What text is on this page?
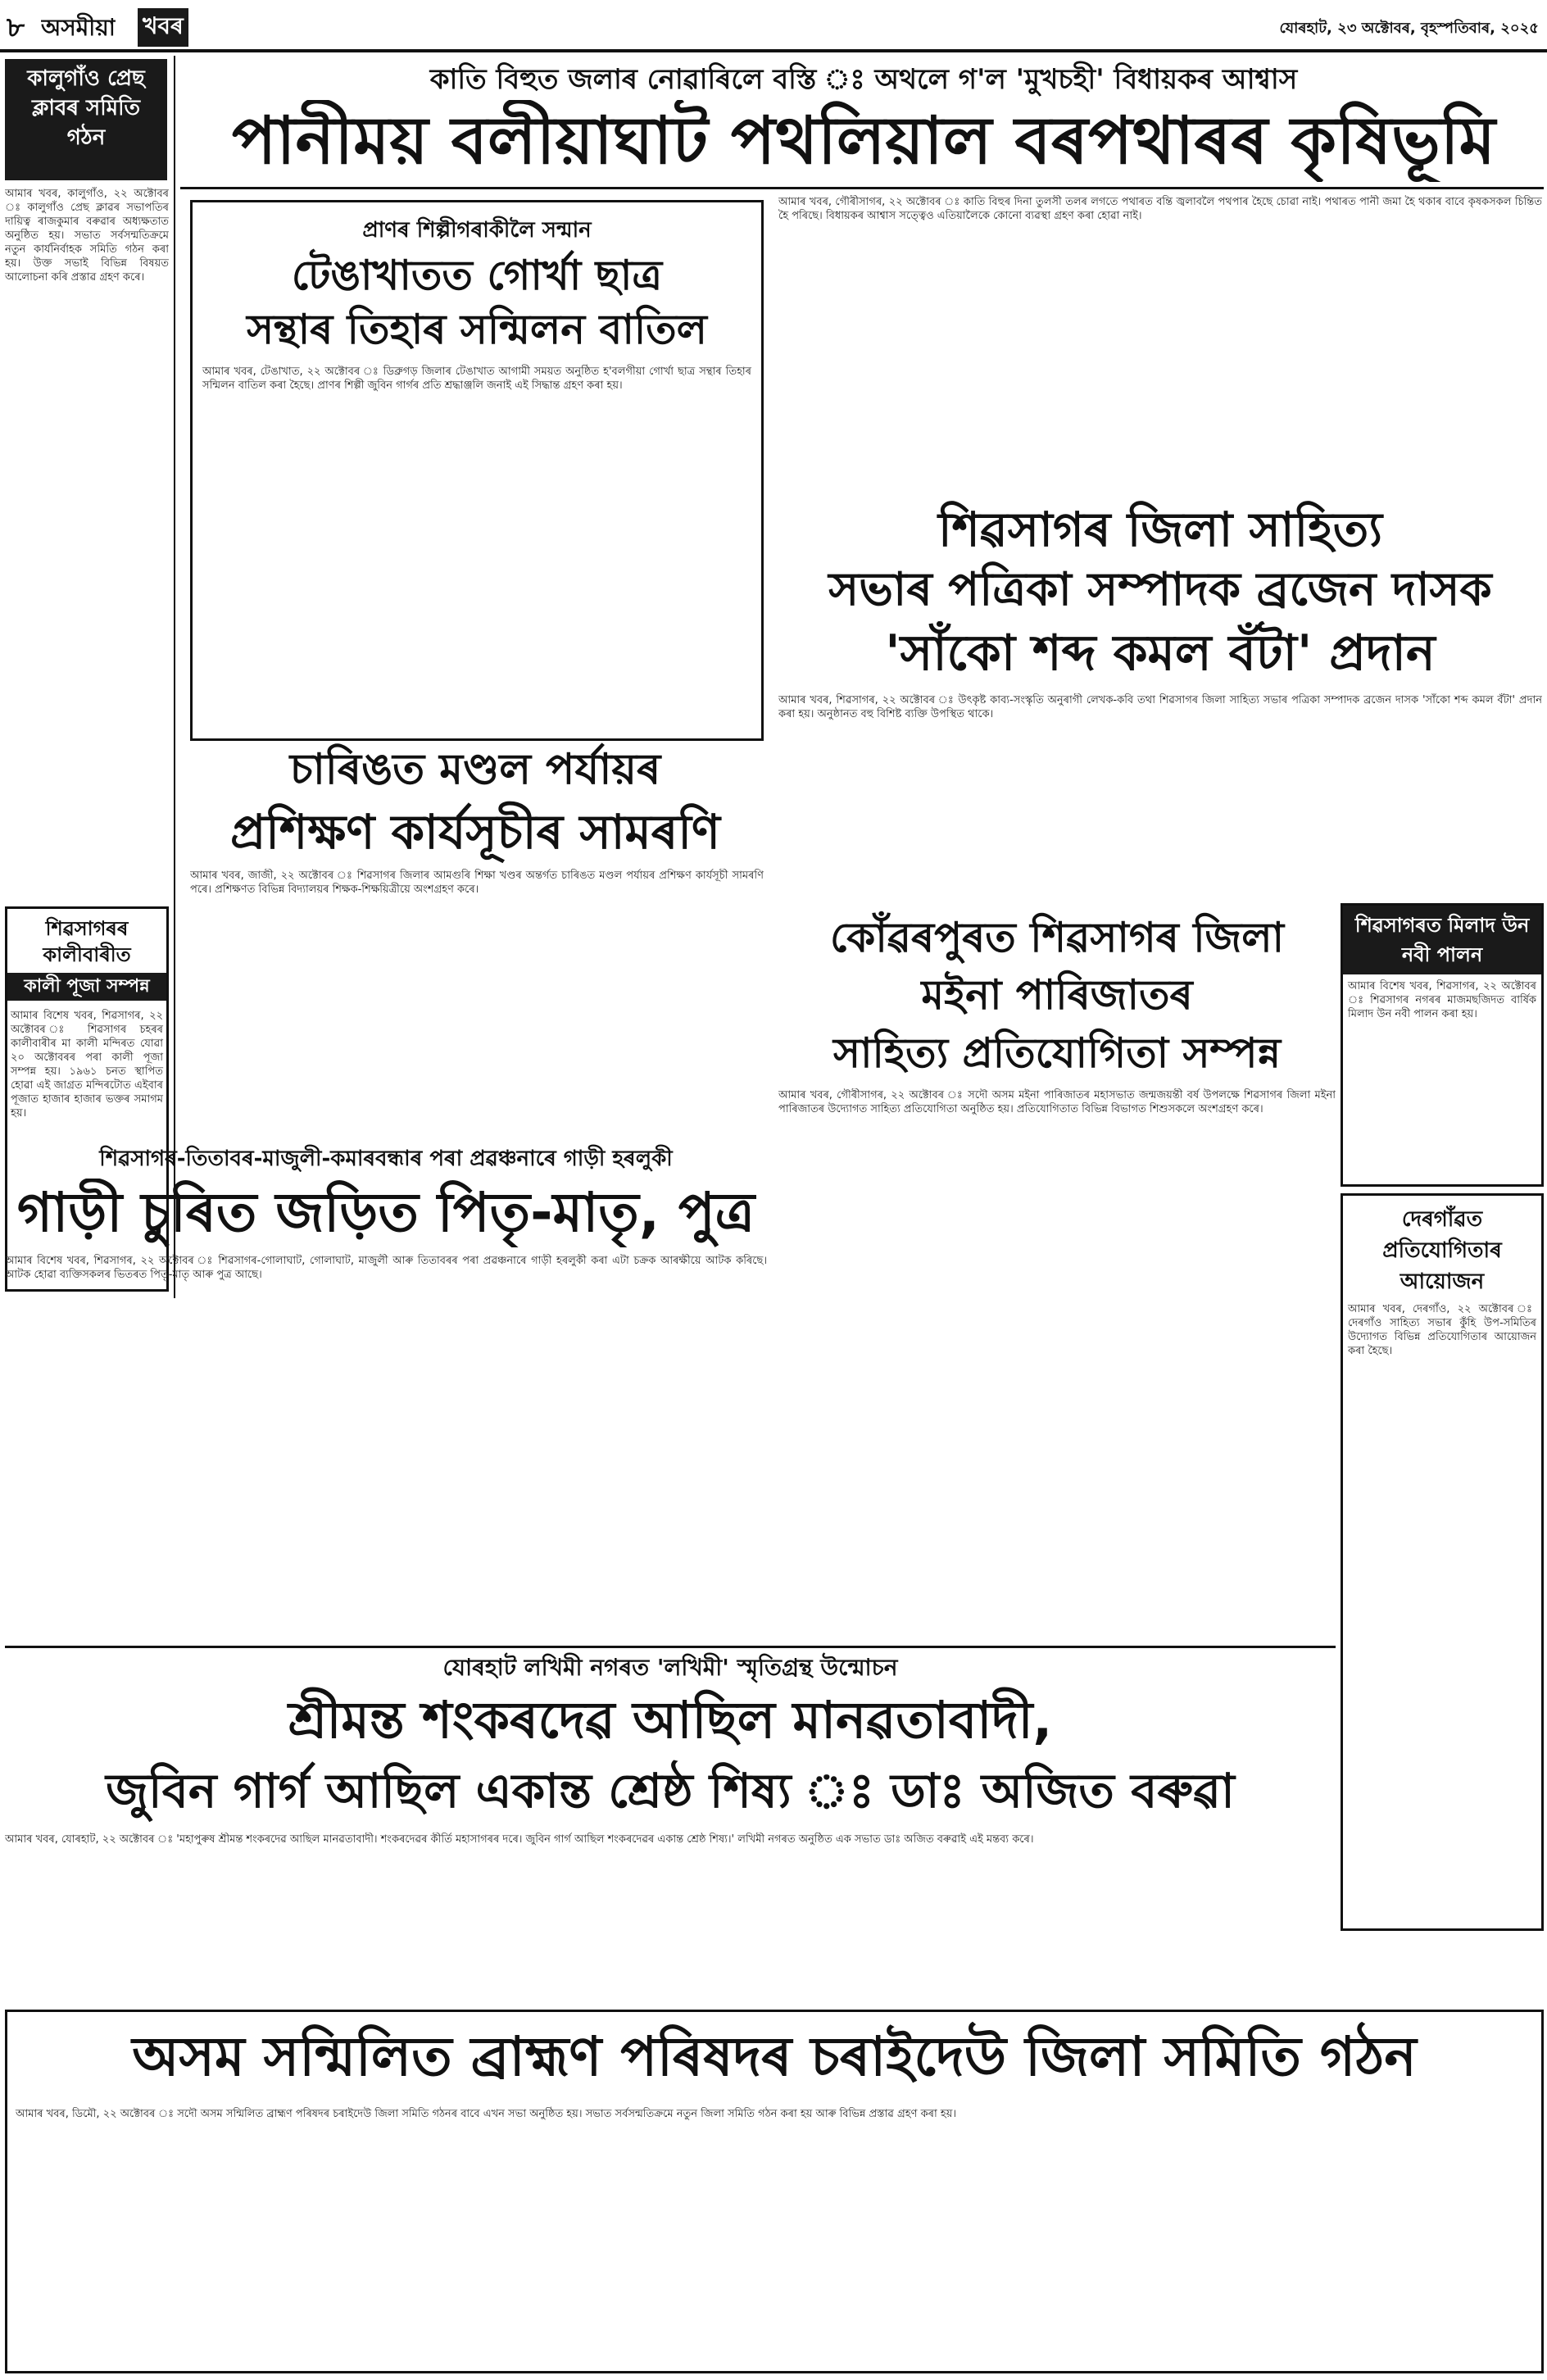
৮ অসমীয়া খবৰ	যোৰহাট, ২৩ অক্টোবৰ, বৃহস্পতিবাৰ, ২০২৫
কালুগাঁও প্ৰেছ ক্লাবৰ সমিতি গঠন
আমাৰ খবৰ, কালুগাঁও, ২২ অক্টোবৰ ঃ কালুগাঁও প্ৰেছ ক্লাৱৰ সভাপতিৰ দায়িত্ব ৰাজকুমাৰ বৰুৱাৰ অধ্যক্ষতাত অনুষ্ঠিত হয়। সভাত সৰ্বসন্মতিক্ৰমে নতুন কাৰ্যনিৰ্বাহক সমিতি গঠন কৰা হয়। উক্ত সভাই বিভিন্ন বিষয়ত আলোচনা কৰি প্ৰস্তাৱ গ্ৰহণ কৰে।
শিৱসাগৰৰ কালীবাৰীত
কালী পূজা সম্পন্ন
আমাৰ বিশেষ খবৰ, শিৱসাগৰ, ২২ অক্টোবৰ ঃ শিৱসাগৰ চহৰৰ কালীবাৰীৰ মা কালী মন্দিৰত যোৱা ২০ অক্টোবৰৰ পৰা কালী পূজা সম্পন্ন হয়। ১৯৬১ চনত স্থাপিত হোৱা এই জাগ্ৰত মন্দিৰটোত এইবাৰ পূজাত হাজাৰ হাজাৰ ভক্তৰ সমাগম হয়।
কাতি বিহুত জলাৰ নোৱাৰিলে বস্তি ঃ অথলে গ'ল 'মুখচহী' বিধায়কৰ আশ্বাস
পানীময় বলীয়াঘাট পথলিয়াল বৰপথাৰৰ কৃষিভূমি
আমাৰ খবৰ, গৌৰীসাগৰ, ২২ অক্টোবৰ ঃ কাতি বিহুৰ দিনা তুলসী তলৰ লগতে পথাৰত বন্তি জ্বলাবলৈ পথপাৰ হৈছে চোৱা নাই। পথাৰত পানী জমা হৈ থকাৰ বাবে কৃষকসকল চিন্তিত হৈ পৰিছে। বিধায়কৰ আশ্বাস সত্ত্বেও এতিয়ালৈকে কোনো ব্যৱস্থা গ্ৰহণ কৰা হোৱা নাই।
প্ৰাণৰ শিল্পীগৰাকীলৈ সন্মান
টেঙাখাতত গোৰ্খা ছাত্ৰ
সন্থাৰ তিহাৰ সন্মিলন বাতিল
আমাৰ খবৰ, টেঙাখাত, ২২ অক্টোবৰ ঃ ডিব্ৰুগড় জিলাৰ টেঙাখাত আগামী সময়ত অনুষ্ঠিত হ'বলগীয়া গোৰ্খা ছাত্ৰ সন্থাৰ তিহাৰ সন্মিলন বাতিল কৰা হৈছে। প্ৰাণৰ শিল্পী জুবিন গাৰ্গৰ প্ৰতি শ্ৰদ্ধাঞ্জলি জনাই এই সিদ্ধান্ত গ্ৰহণ কৰা হয়।
শিৱসাগৰ জিলা সাহিত্য
সভাৰ পত্ৰিকা সম্পাদক ব্ৰজেন দাসক
'সাঁকো শব্দ কমল বঁটা' প্ৰদান
আমাৰ খবৰ, শিৱসাগৰ, ২২ অক্টোবৰ ঃ উৎকৃষ্ট কাব্য-সংস্কৃতি অনুৰাগী লেখক-কবি তথা শিৱসাগৰ জিলা সাহিত্য সভাৰ পত্ৰিকা সম্পাদক ব্ৰজেন দাসক 'সাঁকো শব্দ কমল বঁটা' প্ৰদান কৰা হয়। অনুষ্ঠানত বহু বিশিষ্ট ব্যক্তি উপস্থিত থাকে।
চাৰিঙত মণ্ডল পৰ্যায়ৰ
প্ৰশিক্ষণ কাৰ্যসূচীৰ সামৰণি
আমাৰ খবৰ, জাজী, ২২ অক্টোবৰ ঃ শিৱসাগৰ জিলাৰ আমগুৰি শিক্ষা খণ্ডৰ অন্তৰ্গত চাৰিঙত মণ্ডল পৰ্যায়ৰ প্ৰশিক্ষণ কাৰ্যসূচী সামৰণি পৰে। প্ৰশিক্ষণত বিভিন্ন বিদ্যালয়ৰ শিক্ষক-শিক্ষয়িত্ৰীয়ে অংশগ্ৰহণ কৰে।
শিৱসাগৰত মিলাদ উন নবী পালন
আমাৰ বিশেষ খবৰ, শিৱসাগৰ, ২২ অক্টোবৰ ঃ শিৱসাগৰ নগৰৰ মাজমছজিদত বাৰ্ষিক মিলাদ উন নবী পালন কৰা হয়।
কোঁৱৰপুৰত শিৱসাগৰ জিলা
মইনা পাৰিজাতৰ
সাহিত্য প্ৰতিযোগিতা সম্পন্ন
আমাৰ খবৰ, গৌৰীসাগৰ, ২২ অক্টোবৰ ঃ সদৌ অসম মইনা পাৰিজাতৰ মহাসভাত জন্মজয়ন্তী বৰ্ষ উপলক্ষে শিৱসাগৰ জিলা মইনা পাৰিজাতৰ উদ্যোগত সাহিত্য প্ৰতিযোগিতা অনুষ্ঠিত হয়। প্ৰতিযোগিতাত বিভিন্ন বিভাগত শিশুসকলে অংশগ্ৰহণ কৰে।
শিৱসাগৰ-তিতাবৰ-মাজুলী-কমাৰবন্ধাৰ পৰা প্ৰৱঞ্চনাৰে গাড়ী হৰলুকী
গাড়ী চুৰিত জড়িত পিতৃ-মাতৃ, পুত্ৰ
আমাৰ বিশেষ খবৰ, শিৱসাগৰ, ২২ অক্টোবৰ ঃ শিৱসাগৰ-গোলাঘাট, গোলাঘাট, মাজুলী আৰু তিতাবৰৰ পৰা প্ৰৱঞ্চনাৰে গাড়ী হৰলুকী কৰা এটা চক্ৰক আৰক্ষীয়ে আটক কৰিছে। আটক হোৱা ব্যক্তিসকলৰ ভিতৰত পিতৃ-মাতৃ আৰু পুত্ৰ আছে।
দেৰগাঁৱত প্ৰতিযোগিতাৰ আয়োজন
আমাৰ খবৰ, দেৰগাঁও, ২২ অক্টোবৰ ঃ দেৰগাঁও সাহিত্য সভাৰ কুঁহি উপ-সমিতিৰ উদ্যোগত বিভিন্ন প্ৰতিযোগিতাৰ আয়োজন কৰা হৈছে।
যোৰহাট লখিমী নগৰত 'লখিমী' স্মৃতিগ্ৰন্থ উন্মোচন
শ্ৰীমন্ত শংকৰদেৱ আছিল মানৱতাবাদী,
জুবিন গাৰ্গ আছিল একান্ত শ্ৰেষ্ঠ শিষ্য ঃ ডাঃ অজিত বৰুৱা
আমাৰ খবৰ, যোৰহাট, ২২ অক্টোবৰ ঃ 'মহাপুৰুষ শ্ৰীমন্ত শংকৰদেৱ আছিল মানৱতাবাদী। শংকৰদেৱৰ কীৰ্তি মহাসাগৰৰ দৰে। জুবিন গাৰ্গ আছিল শংকৰদেৱৰ একান্ত শ্ৰেষ্ঠ শিষ্য।' লখিমী নগৰত অনুষ্ঠিত এক সভাত ডাঃ অজিত বৰুৱাই এই মন্তব্য কৰে।
অসম সন্মিলিত ব্ৰাহ্মণ পৰিষদৰ চৰাইদেউ জিলা সমিতি গঠন
আমাৰ খবৰ, ডিমৌ, ২২ অক্টোবৰ ঃ সদৌ অসম সন্মিলিত ব্ৰাহ্মণ পৰিষদৰ চৰাইদেউ জিলা সমিতি গঠনৰ বাবে এখন সভা অনুষ্ঠিত হয়। সভাত সৰ্বসন্মতিক্ৰমে নতুন জিলা সমিতি গঠন কৰা হয় আৰু বিভিন্ন প্ৰস্তাৱ গ্ৰহণ কৰা হয়।
